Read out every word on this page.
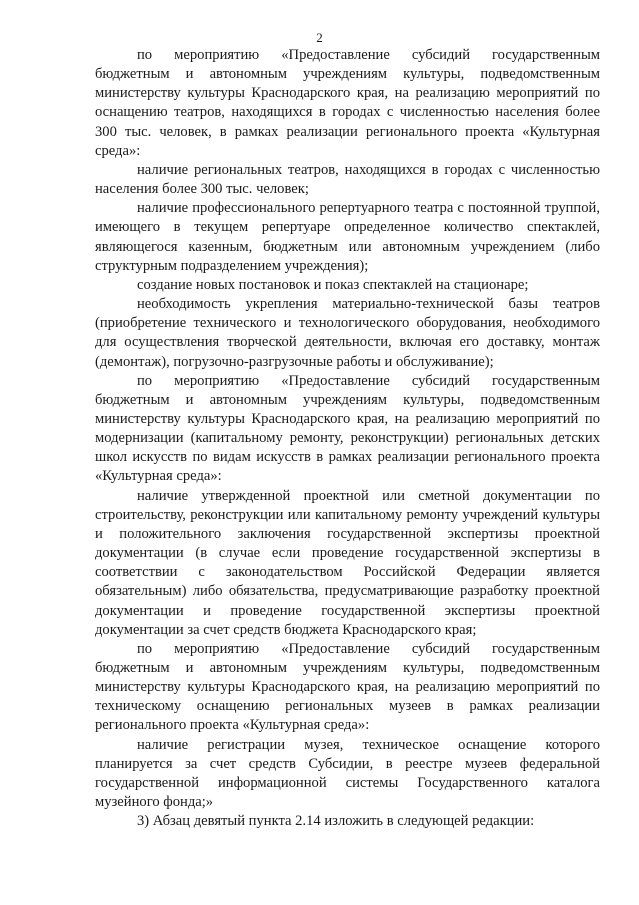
2

по мероприятию «Предоставление субсидий государственным бюджетным и автономным учреждениям культуры, подведомственным министерству культуры Краснодарского края, на реализацию мероприятий по оснащению театров, находящихся в городах с численностью населения более 300 тыс. человек, в рамках реализации регионального проекта «Культурная среда»:

наличие региональных театров, находящихся в городах с численностью населения более 300 тыс. человек;

наличие профессионального репертуарного театра с постоянной труппой, имеющего в текущем репертуаре определенное количество спектаклей, являющегося казенным, бюджетным или автономным учреждением (либо структурным подразделением учреждения);

создание новых постановок и показ спектаклей на стационаре;

необходимость укрепления материально-технической базы театров (приобретение технического и технологического оборудования, необходимого для осуществления творческой деятельности, включая его доставку, монтаж (демонтаж), погрузочно-разгрузочные работы и обслуживание);

по мероприятию «Предоставление субсидий государственным бюджетным и автономным учреждениям культуры, подведомственным министерству культуры Краснодарского края, на реализацию мероприятий по модернизации (капитальному ремонту, реконструкции) региональных детских школ искусств по видам искусств в рамках реализации регионального проекта «Культурная среда»:

наличие утвержденной проектной или сметной документации по строительству, реконструкции или капитальному ремонту учреждений культуры и положительного заключения государственной экспертизы проектной документации (в случае если проведение государственной экспертизы в соответствии с законодательством Российской Федерации является обязательным) либо обязательства, предусматривающие разработку проектной документации и проведение государственной экспертизы проектной документации за счет средств бюджета Краснодарского края;

по мероприятию «Предоставление субсидий государственным бюджетным и автономным учреждениям культуры, подведомственным министерству культуры Краснодарского края, на реализацию мероприятий по техническому оснащению региональных музеев в рамках реализации регионального проекта «Культурная среда»:

наличие регистрации музея, техническое оснащение которого планируется за счет средств Субсидии, в реестре музеев федеральной государственной информационной системы Государственного каталога музейного фонда;»

3) Абзац девятый пункта 2.14 изложить в следующей редакции:
